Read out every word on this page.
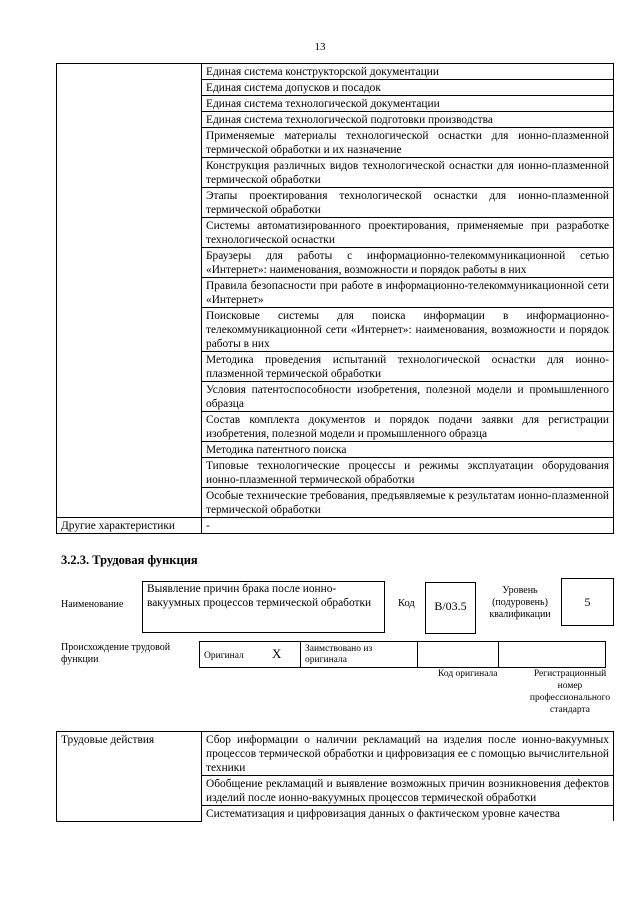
13
	Единая система конструкторской документации
	Единая система допусков и посадок
	Единая система технологической документации
	Единая система технологической подготовки производства
	Применяемые материалы технологической оснастки для ионно-плазменной термической обработки и их назначение
	Конструкция различных видов технологической оснастки для ионно-плазменной термической обработки
	Этапы проектирования технологической оснастки для ионно-плазменной термической обработки
	Системы автоматизированного проектирования, применяемые при разработке технологической оснастки
	Браузеры для работы с информационно-телекоммуникационной сетью «Интернет»: наименования, возможности и порядок работы в них
	Правила безопасности при работе в информационно-телекоммуникационной сети «Интернет»
	Поисковые системы для поиска информации в информационно-телекоммуникационной сети «Интернет»: наименования, возможности и порядок работы в них
	Методика проведения испытаний технологической оснастки для ионно-плазменной термической обработки
	Условия патентоспособности изобретения, полезной модели и промышленного образца
	Состав комплекта документов и порядок подачи заявки для регистрации изобретения, полезной модели и промышленного образца
	Методика патентного поиска
	Типовые технологические процессы и режимы эксплуатации оборудования ионно-плазменной термической обработки
	Особые технические требования, предъявляемые к результатам ионно-плазменной термической обработки
Другие характеристики	-
3.2.3. Трудовая функция
Наименование
Выявление причин брака после ионно-вакуумных процессов термической обработки	Код	B/03.5
Уровень (подуровень) квалификации
5
Происхождение трудовой функции	Оригинал X	Заимствовано из оригинала		
Код оригинала	Регистрационный номер профессионального стандарта
Трудовые действия	Сбор информации о наличии рекламаций на изделия после ионно-вакуумных процессов термической обработки и цифровизация ее с помощью вычислительной техники
Обобщение рекламаций и выявление возможных причин возникновения дефектов изделий после ионно-вакуумных процессов термической обработки
Систематизация и цифровизация данных о фактическом уровне качества
